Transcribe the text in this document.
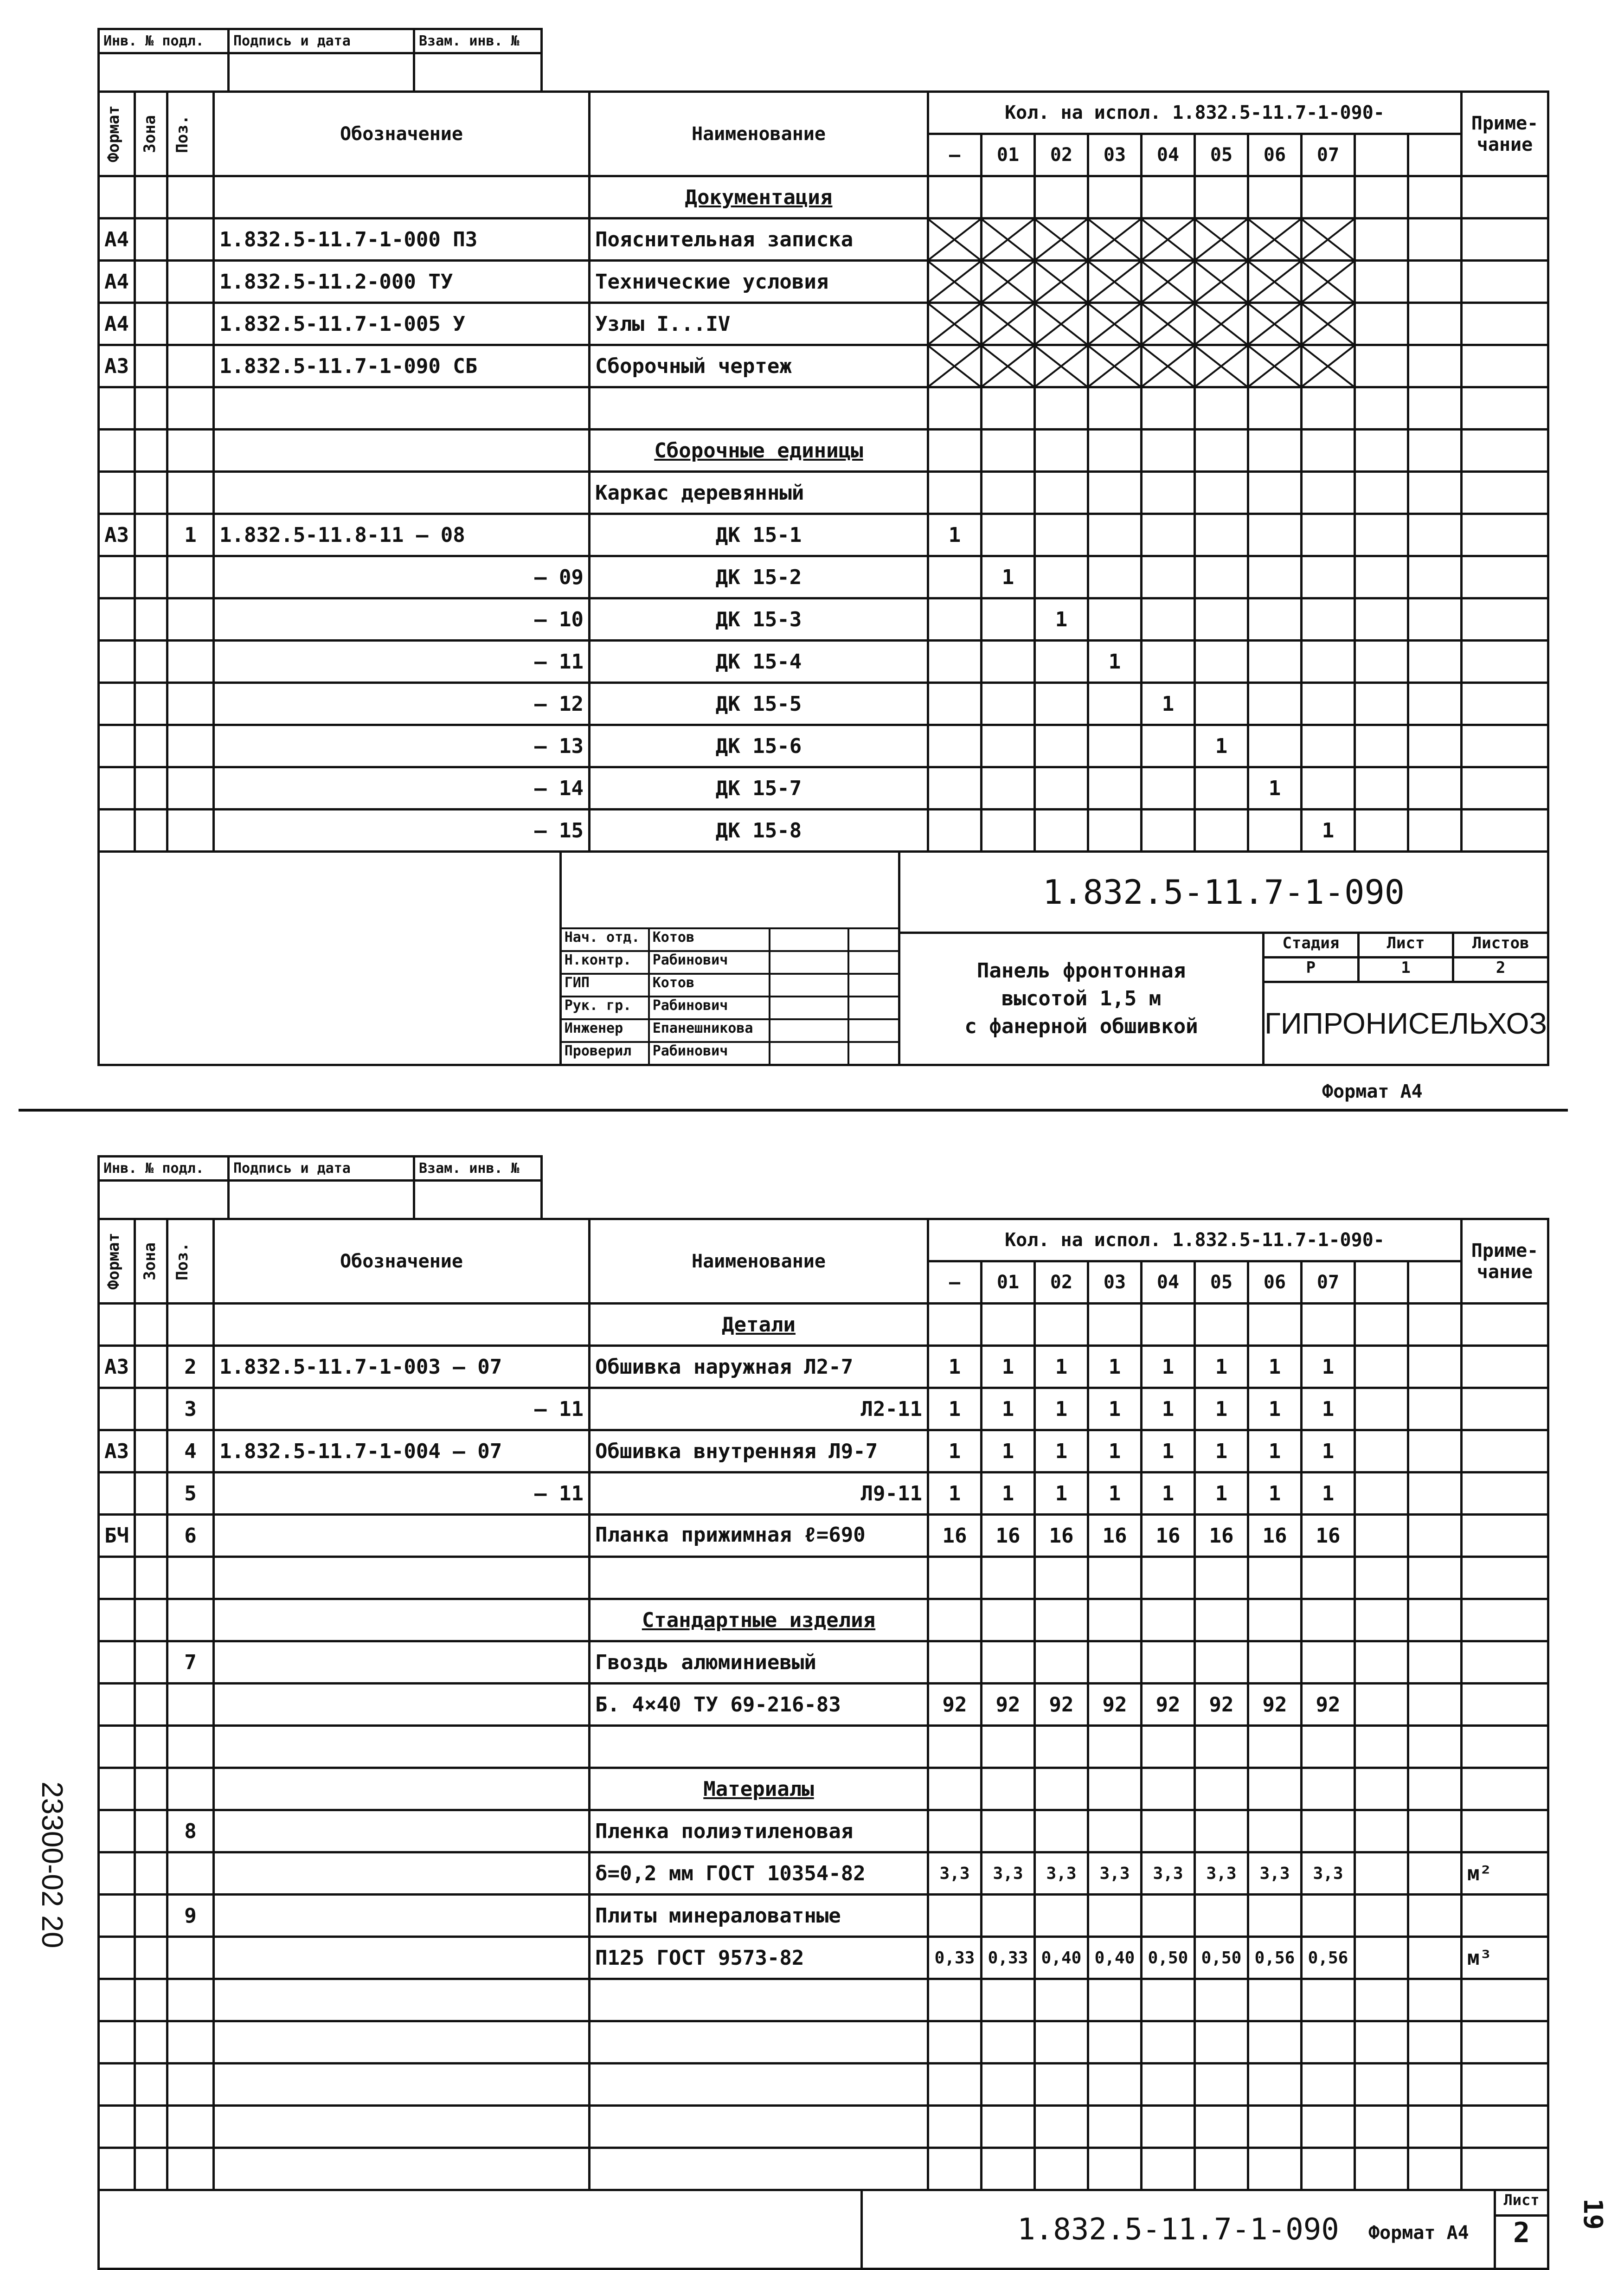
Инв. № подл.	Подпись и дата	Взам. инв. №
Формат	Зона	Поз.	Обозначение	Наименование	Кол. на испол. 1.832.5-11.7-1-090-										Приме-чание
					—	01	02	03	04	05	06	07			
				Документация											
А4			1.832.5-11.7-1-000 ПЗ	Пояснительная записка											
А4			1.832.5-11.2-000 ТУ	Технические условия											
А4			1.832.5-11.7-1-005 У	Узлы I...IV											
А3			1.832.5-11.7-1-090 СБ	Сборочный чертеж											

				Сборочные единицы											
				Каркас деревянный											
А3		1	1.832.5-11.8-11 — 08	ДК 15-1	1										
			— 09	ДК 15-2		1									
			— 10	ДК 15-3			1								
			— 11	ДК 15-4				1							
			— 12	ДК 15-5					1						
			— 13	ДК 15-6						1					
			— 14	ДК 15-7							1				
			— 15	ДК 15-8								1			
Нач. отд. Котов
Н.контр.	Рабинович
ГИП	Котов
Рук. гр.	Рабинович
Инженер	Епанешникова
Проверил	Рабинович
1.832.5-11.7-1-090
Панель фронтонная
высотой 1,5 м
с фанерной обшивкой
Стадия	Лист	Листов
Р	1	2
ГИПРОНИСЕЛЬХОЗ
Формат А4
Инв. № подл.	Подпись и дата	Взам. инв. №
Формат	Зона	Поз.	Обозначение	Наименование	Кол. на испол. 1.832.5-11.7-1-090-										Приме-чание
					—	01	02	03	04	05	06	07			
				Детали											
А3		2	1.832.5-11.7-1-003 — 07	Обшивка наружная Л2-7	1	1	1	1	1	1	1	1			
		3	— 11	Л2-11	1	1	1	1	1	1	1	1			
А3		4	1.832.5-11.7-1-004 — 07	Обшивка внутренняя Л9-7	1	1	1	1	1	1	1	1			
		5	— 11	Л9-11	1	1	1	1	1	1	1	1			
БЧ		6		Планка прижимная ℓ=690	16	16	16	16	16	16	16	16			

				Стандартные изделия											
		7		Гвоздь алюминиевый											
				Б. 4×40 ТУ 69-216-83	92	92	92	92	92	92	92	92			

				Материалы											
		8		Пленка полиэтиленовая											
				δ=0,2 мм ГОСТ 10354-82	3,3	3,3	3,3	3,3	3,3	3,3	3,3	3,3			м²
		9		Плиты минераловатные											
				П125 ГОСТ 9573-82	0,33	0,33	0,40	0,40	0,50	0,50	0,56	0,56			м³

1.832.5-11.7-1-090
Лист
2
Формат А4
23300-02 20
19
